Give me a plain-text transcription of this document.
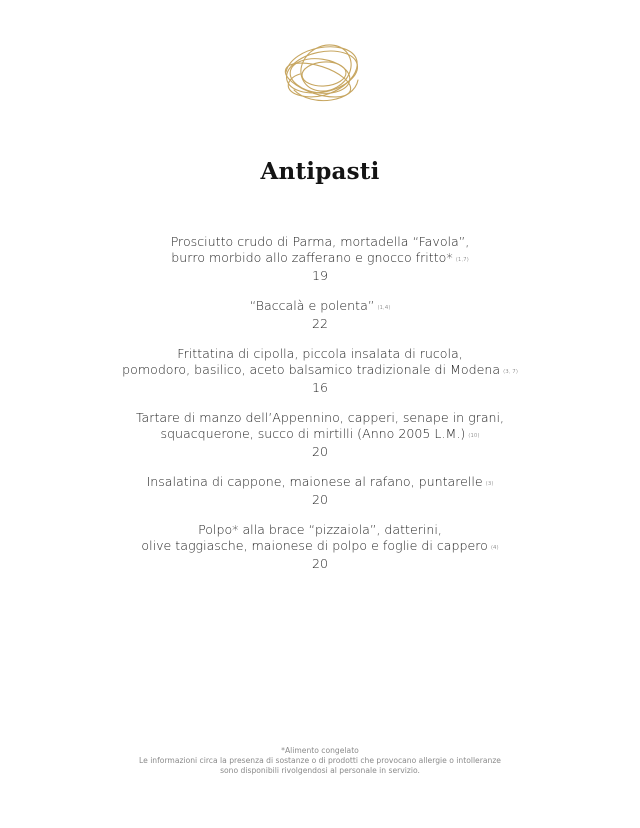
Antipasti
Prosciutto crudo di Parma, mortadella “Favola”,
burro morbido allo zafferano e gnocco fritto* (1,7)
19
“Baccalà e polenta” (1,4)
22
Frittatina di cipolla, piccola insalata di rucola,
pomodoro, basilico, aceto balsamico tradizionale di Modena (3, 7)
16
Tartare di manzo dell’Appennino, capperi, senape in grani,
squacquerone, succo di mirtilli (Anno 2005 L.M.) (10)
20
Insalatina di cappone, maionese al rafano, puntarelle (3)
20
Polpo* alla brace “pizzaiola”, datterini,
olive taggiasche, maionese di polpo e foglie di cappero (4)
20
*Alimento congelato
Le informazioni circa la presenza di sostanze o di prodotti che provocano allergie o intolleranze
sono disponibili rivolgendosi al personale in servizio.
